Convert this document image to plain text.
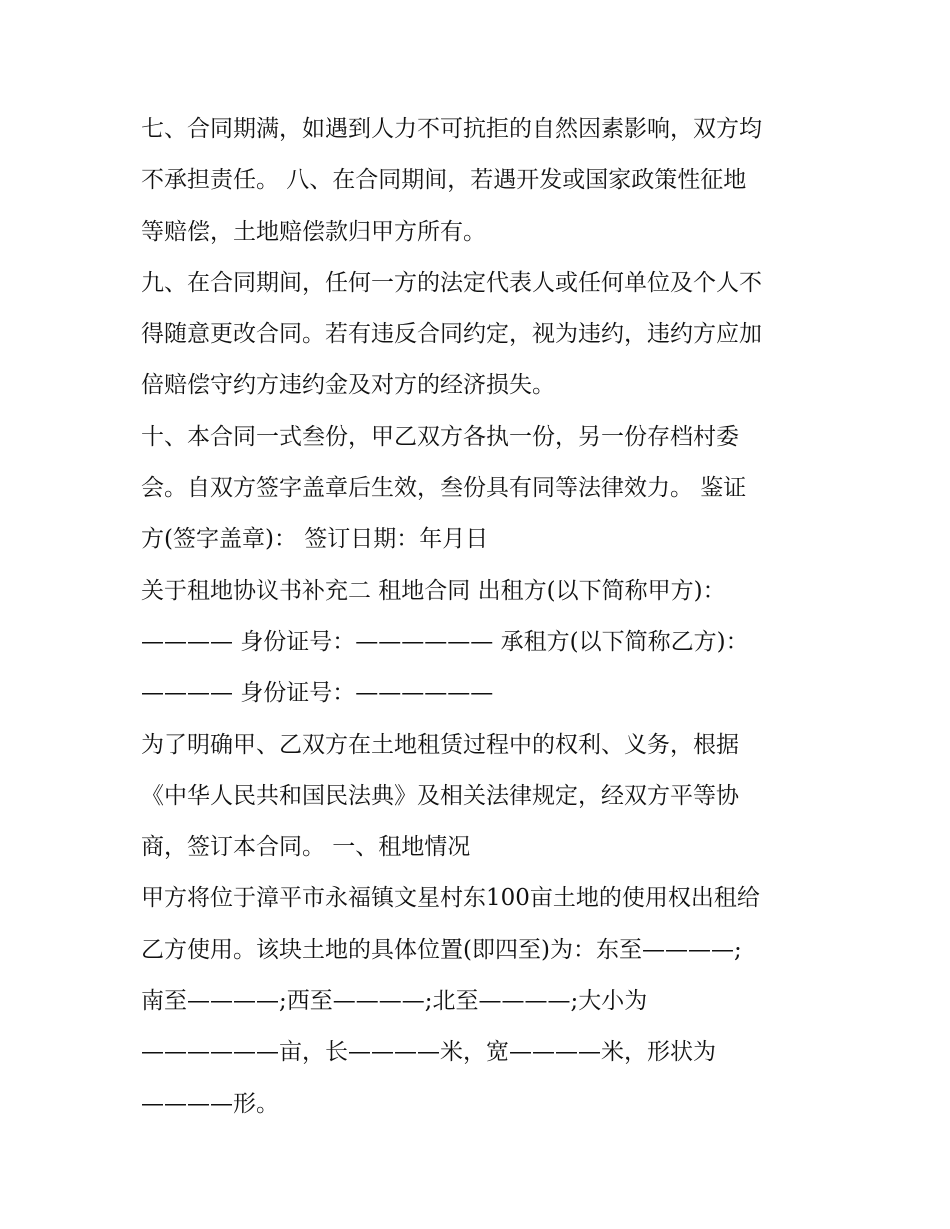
七、合同期满，如遇到人力不可抗拒的自然因素影响，双方均
不承担责任。 八、在合同期间，若遇开发或国家政策性征地
等赔偿，土地赔偿款归甲方所有。
九、在合同期间，任何一方的法定代表人或任何单位及个人不
得随意更改合同。若有违反合同约定，视为违约，违约方应加
倍赔偿守约方违约金及对方的经济损失。
十、本合同一式叁份，甲乙双方各执一份，另一份存档村委
会。自双方签字盖章后生效，叁份具有同等法律效力。 鉴证
方(签字盖章)： 签订日期：年月日
关于租地协议书补充二 租地合同 出租方(以下简称甲方)：
———— 身份证号：—————— 承租方(以下简称乙方)：
———— 身份证号：——————
为了明确甲、乙双方在土地租赁过程中的权利、义务，根据
《中华人民共和国民法典》及相关法律规定，经双方平等协
商，签订本合同。 一、租地情况
甲方将位于漳平市永福镇文星村东100亩土地的使用权出租给
乙方使用。该块土地的具体位置(即四至)为：东至————;
南至————;西至————;北至————;大小为
——————亩，长————米，宽————米，形状为
————形。
